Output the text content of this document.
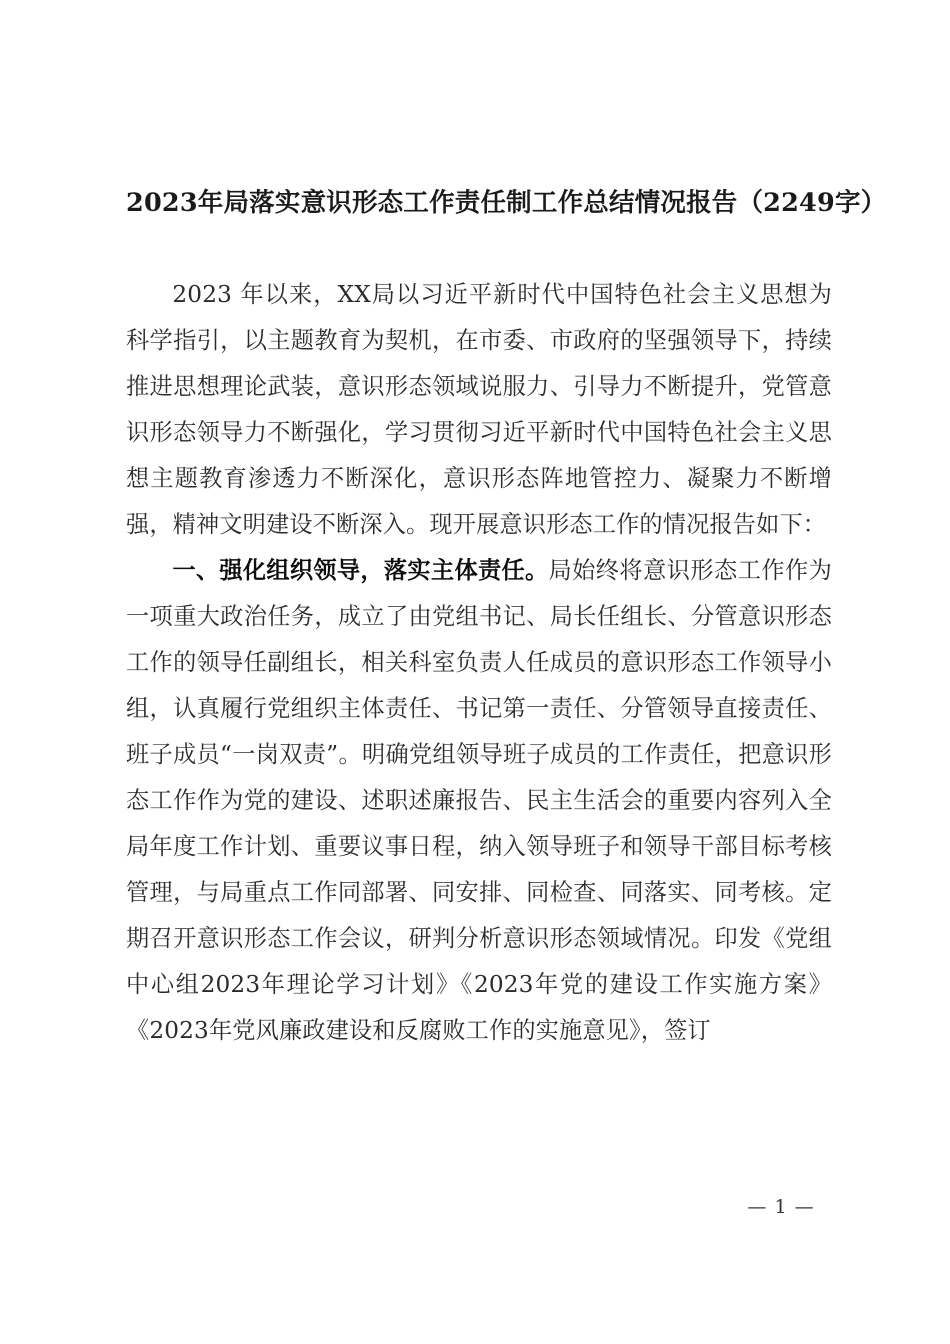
2023年局落实意识形态工作责任制工作总结情况报告（2249字）

2023 年以来，XX局以习近平新时代中国特色社会主义思想为科学指引，以主题教育为契机，在市委、市政府的坚强领导下，持续推进思想理论武装，意识形态领域说服力、引导力不断提升，党管意识形态领导力不断强化，学习贯彻习近平新时代中国特色社会主义思想主题教育渗透力不断深化，意识形态阵地管控力、凝聚力不断增强，精神文明建设不断深入。现开展意识形态工作的情况报告如下：

一、强化组织领导，落实主体责任。局始终将意识形态工作作为一项重大政治任务，成立了由党组书记、局长任组长、分管意识形态工作的领导任副组长，相关科室负责人任成员的意识形态工作领导小组，认真履行党组织主体责任、书记第一责任、分管领导直接责任、班子成员“一岗双责”。明确党组领导班子成员的工作责任，把意识形态工作作为党的建设、述职述廉报告、民主生活会的重要内容列入全局年度工作计划、重要议事日程，纳入领导班子和领导干部目标考核管理，与局重点工作同部署、同安排、同检查、同落实、同考核。定期召开意识形态工作会议，研判分析意识形态领域情况。印发《党组中心组2023年理论学习计划》《2023年党的建设工作实施方案》《2023年党风廉政建设和反腐败工作的实施意见》，签订

— 1 —
